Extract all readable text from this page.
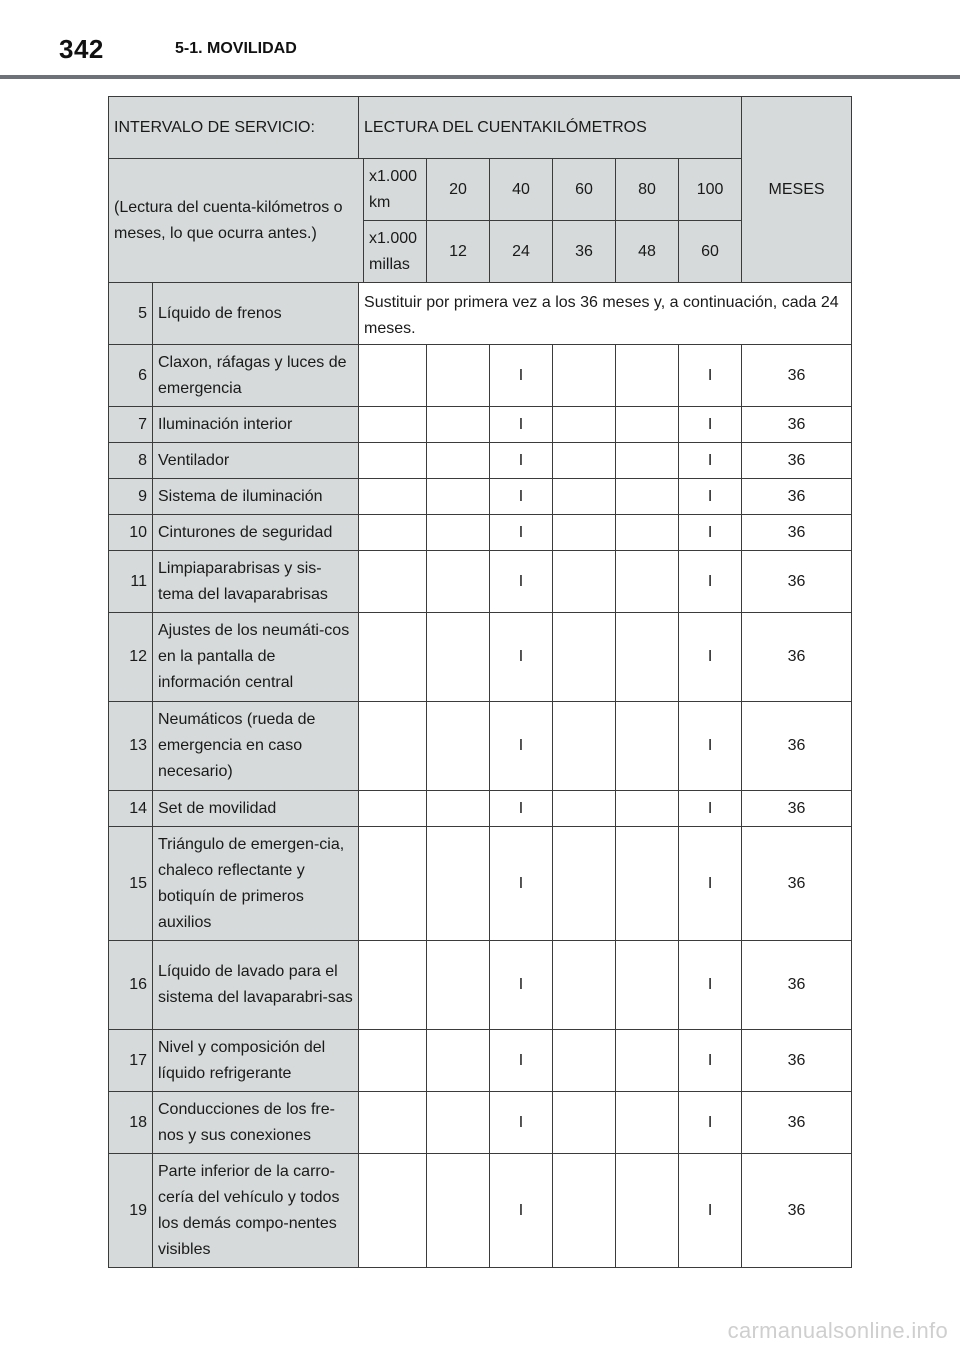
342	5-1. MOVILIDAD
INTERVALO DE SERVICIO:		LECTURA DEL CUENTAKILÓMETROS							MESES	
(Lectura del cuenta-kilómetros o meses, lo que ocurra antes.)			x1.000 km	20	40	60	80	100	
			x1.000 millas	12	24	36	48	60	
5	Líquido de frenos	Sustituir por primera vez a los 36 meses y, a continuación, cada 24 meses.								
6	Claxon, ráfagas y luces de emergencia				I			I	36	
7	Iluminación interior				I			I	36	
8	Ventilador				I			I	36	
9	Sistema de iluminación				I			I	36	
10	Cinturones de seguridad				I			I	36	
11	Limpiaparabrisas y sis-tema del lavaparabrisas				I			I	36	
12	Ajustes de los neumáti-cos en la pantalla de información central				I			I	36	
13	Neumáticos (rueda de emergencia en caso necesario)				I			I	36	
14	Set de movilidad				I			I	36	
15	Triángulo de emergen-cia, chaleco reflectante y botiquín de primeros auxilios				I			I	36	
16	Líquido de lavado para el sistema del lavaparabri-sas				I			I	36	
17	Nivel y composición del líquido refrigerante				I			I	36	
18	Conducciones de los fre-nos y sus conexiones				I			I	36	
19	Parte inferior de la carro-cería del vehículo y todos los demás compo-nentes visibles				I			I	36	
carmanualsonline.info
